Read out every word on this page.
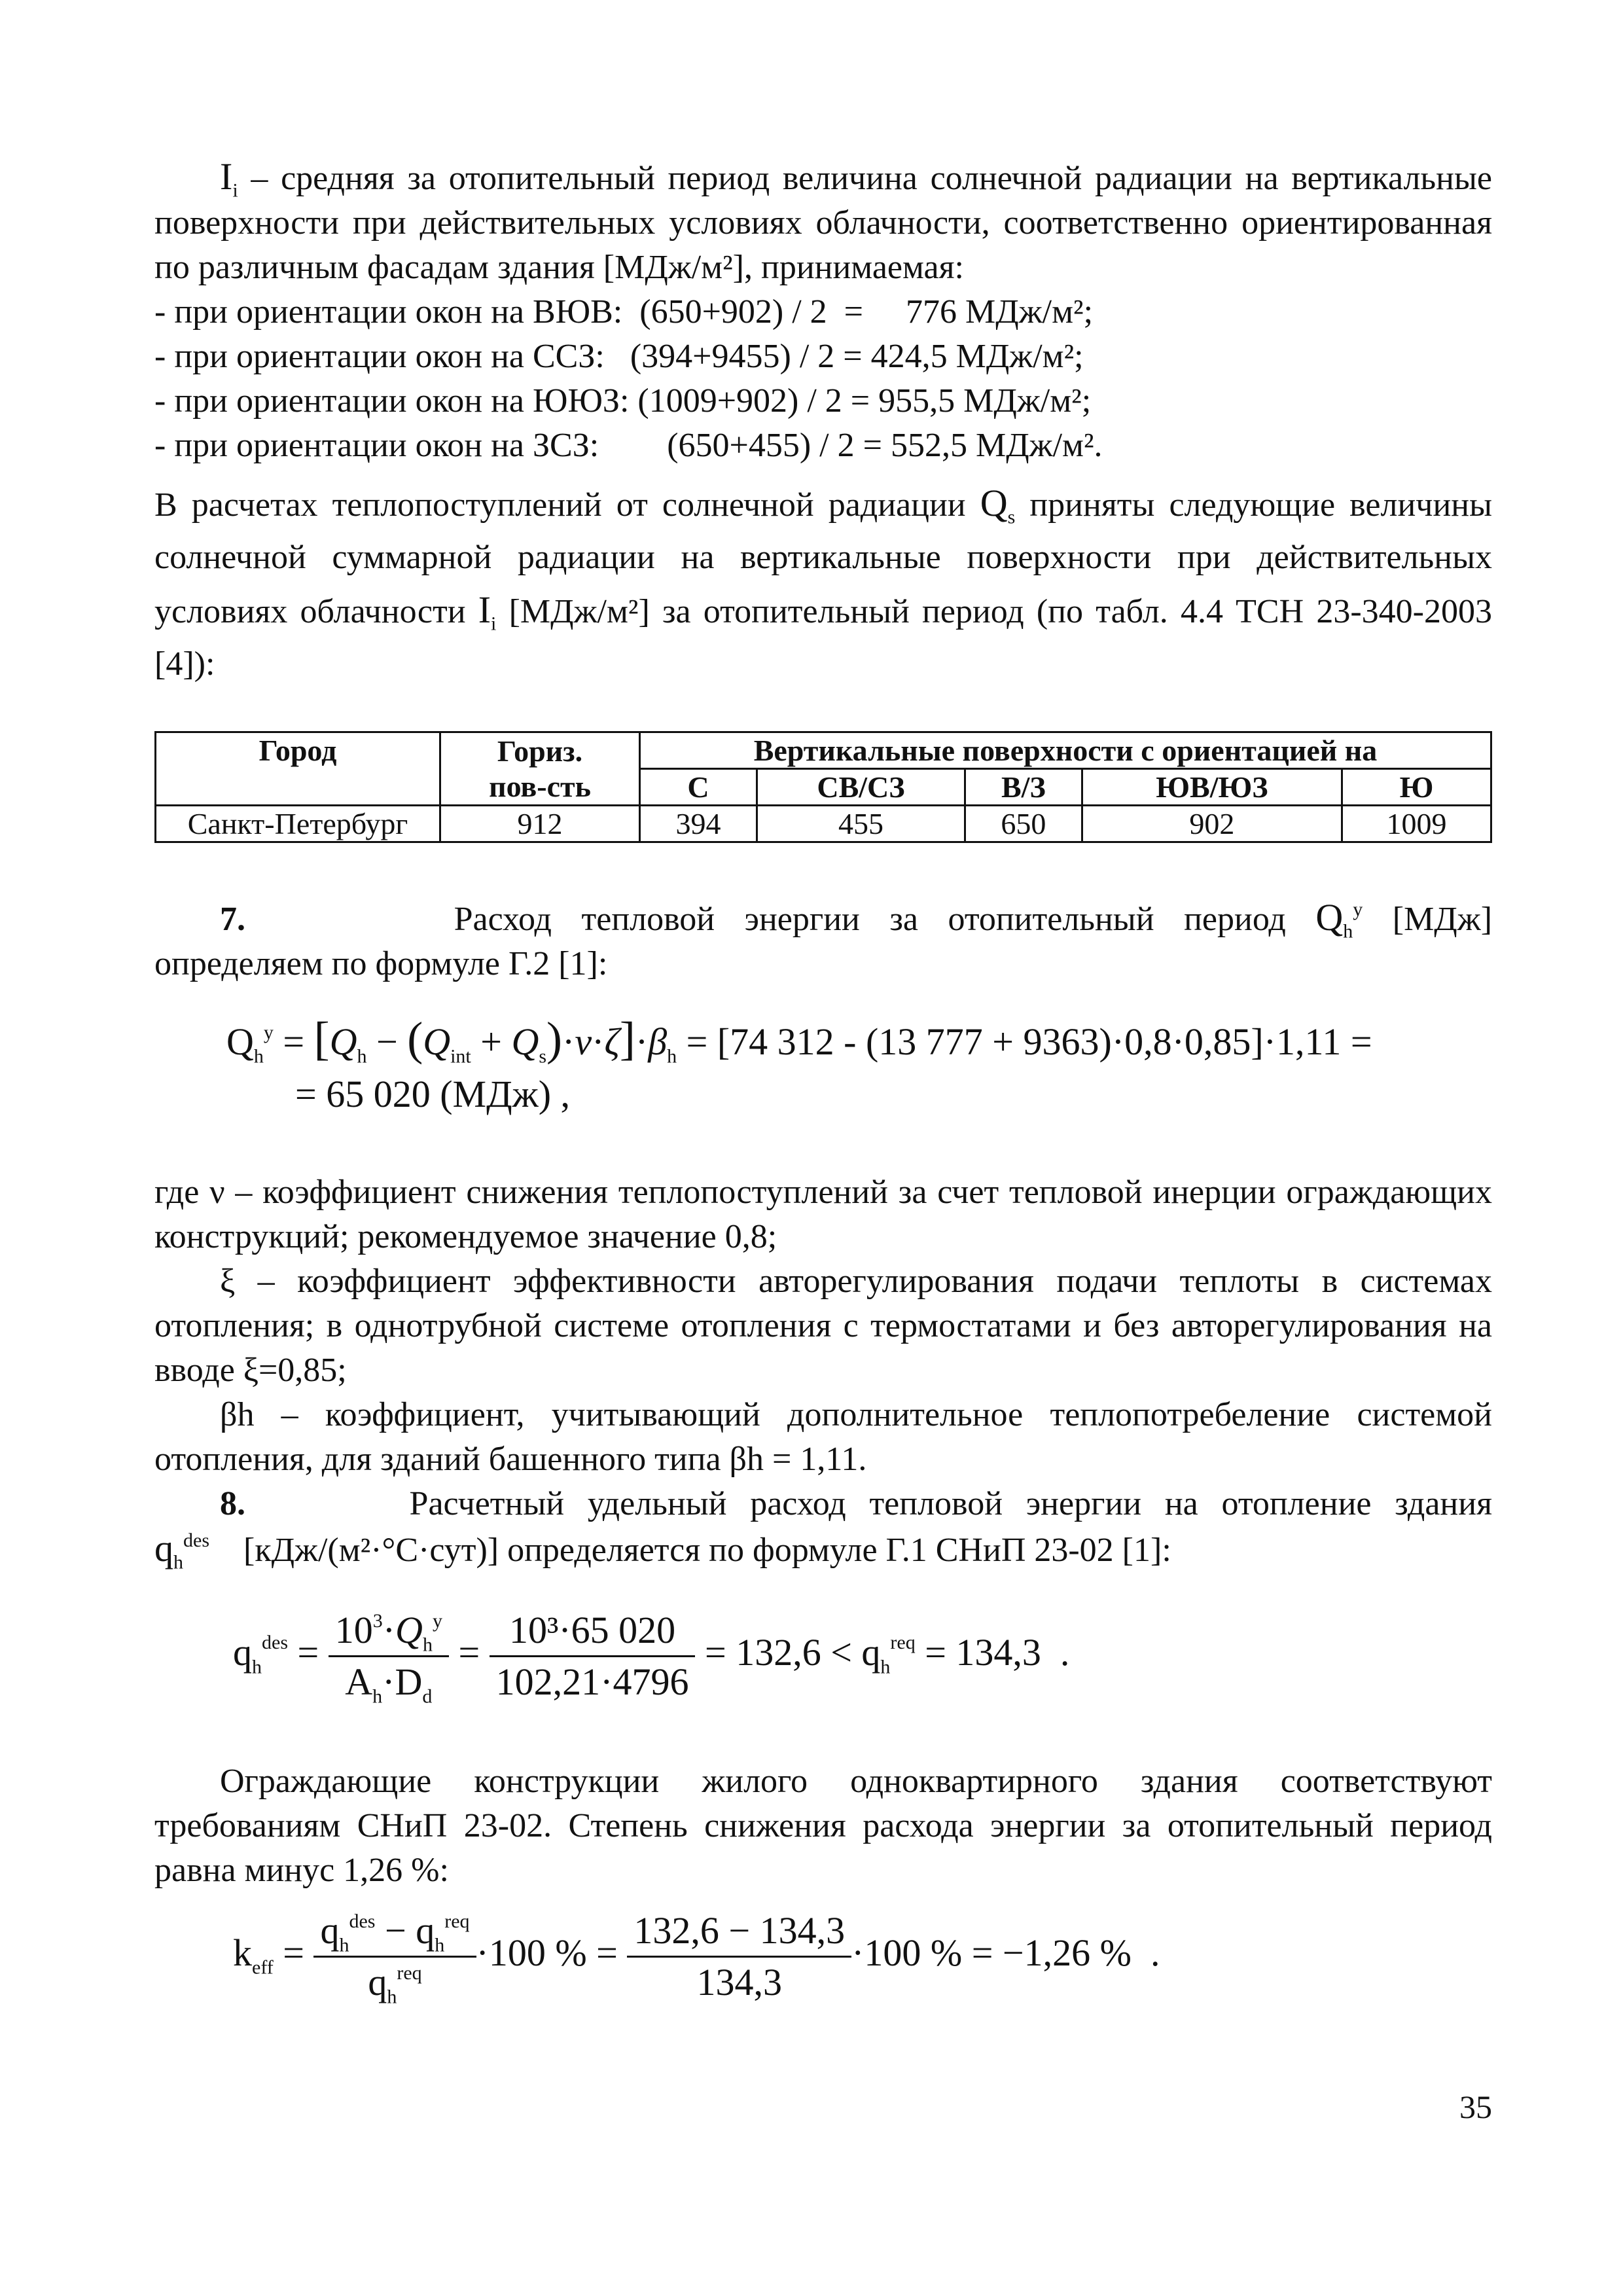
$I_i$ – средняя за отопительный период величина солнечной радиации на вертикальные поверхности при действительных условиях облачности, соответственно ориентированная по различным фасадам здания [МДж/м²], принимаемая:

- при ориентации окон на ВЮВ:  (650+902) / 2  =     776 МДж/м²;

- при ориентации окон на ССЗ:   (394+9455) / 2 = 424,5 МДж/м²;

- при ориентации окон на ЮЮЗ: (1009+902) / 2 = 955,5 МДж/м²;

- при ориентации окон на ЗСЗ:        (650+455) / 2 = 552,5 МДж/м².

В расчетах теплопоступлений от солнечной радиации $Q_s$ приняты следующие величины солнечной суммарной радиации на вертикальные поверхности при действительных условиях облачности $I_i$ [МДж/м²] за отопительный период (по табл. 4.4 ТСН 23-340-2003 [4]):

Город	Гориз.	Вертикальные поверхности с ориентацией на				
	пов-сть	С	СВ/СЗ	В/З	ЮВ/ЮЗ	Ю
Санкт-Петербург	912	394	455	650	902	1009

7.	Расход тепловой энергии за отопительный период $Q_h^y$ [МДж]

определяем по формуле Г.2 [1]:

$Q_h^y = [Q_h - (Q_{int} + Q_s)\cdot\nu\cdot\zeta]\cdot\beta_h = [74$ 312 - (13 777 + 9363)·0,8·0,85]·1,11 =
= 65 020 (МДж) ,

где ν – коэффициент снижения теплопоступлений за счет тепловой инерции ограждающих конструкций; рекомендуемое значение 0,8;

ξ – коэффициент эффективности авторегулирования подачи теплоты в системах отопления; в однотрубной системе отопления с термостатами и без авторегулирования на вводе ξ=0,85;

βh – коэффициент, учитывающий дополнительное теплопотребеление системой отопления, для зданий башенного типа βh = 1,11.

8.	Расчетный удельный расход тепловой энергии на отопление здания

$q_h^{des}$ [кДж/(м²·°С·сут)] определяется по формуле Г.1 СНиП 23-02 [1]:

$q_h^{des} = \frac{10^3\cdot Q_h^y}{A_h\cdot D_d} = \frac{\text{10³·65 020}}{102,21\cdot 4796} = 132,6 < q_h^{req} = 134,3$  .

Ограждающие конструкции жилого одноквартирного здания соответствуют требованиям СНиП 23-02. Степень снижения расхода энергии за отопительный период равна минус 1,26 %:

$k_{eff} = \frac{q_h^{des} - q_h^{req}}{q_h^{req}} \cdot 100$ % = $\frac{132,6 - 134,3}{134,3} \cdot 100$ % = −1,26 %  .
35
